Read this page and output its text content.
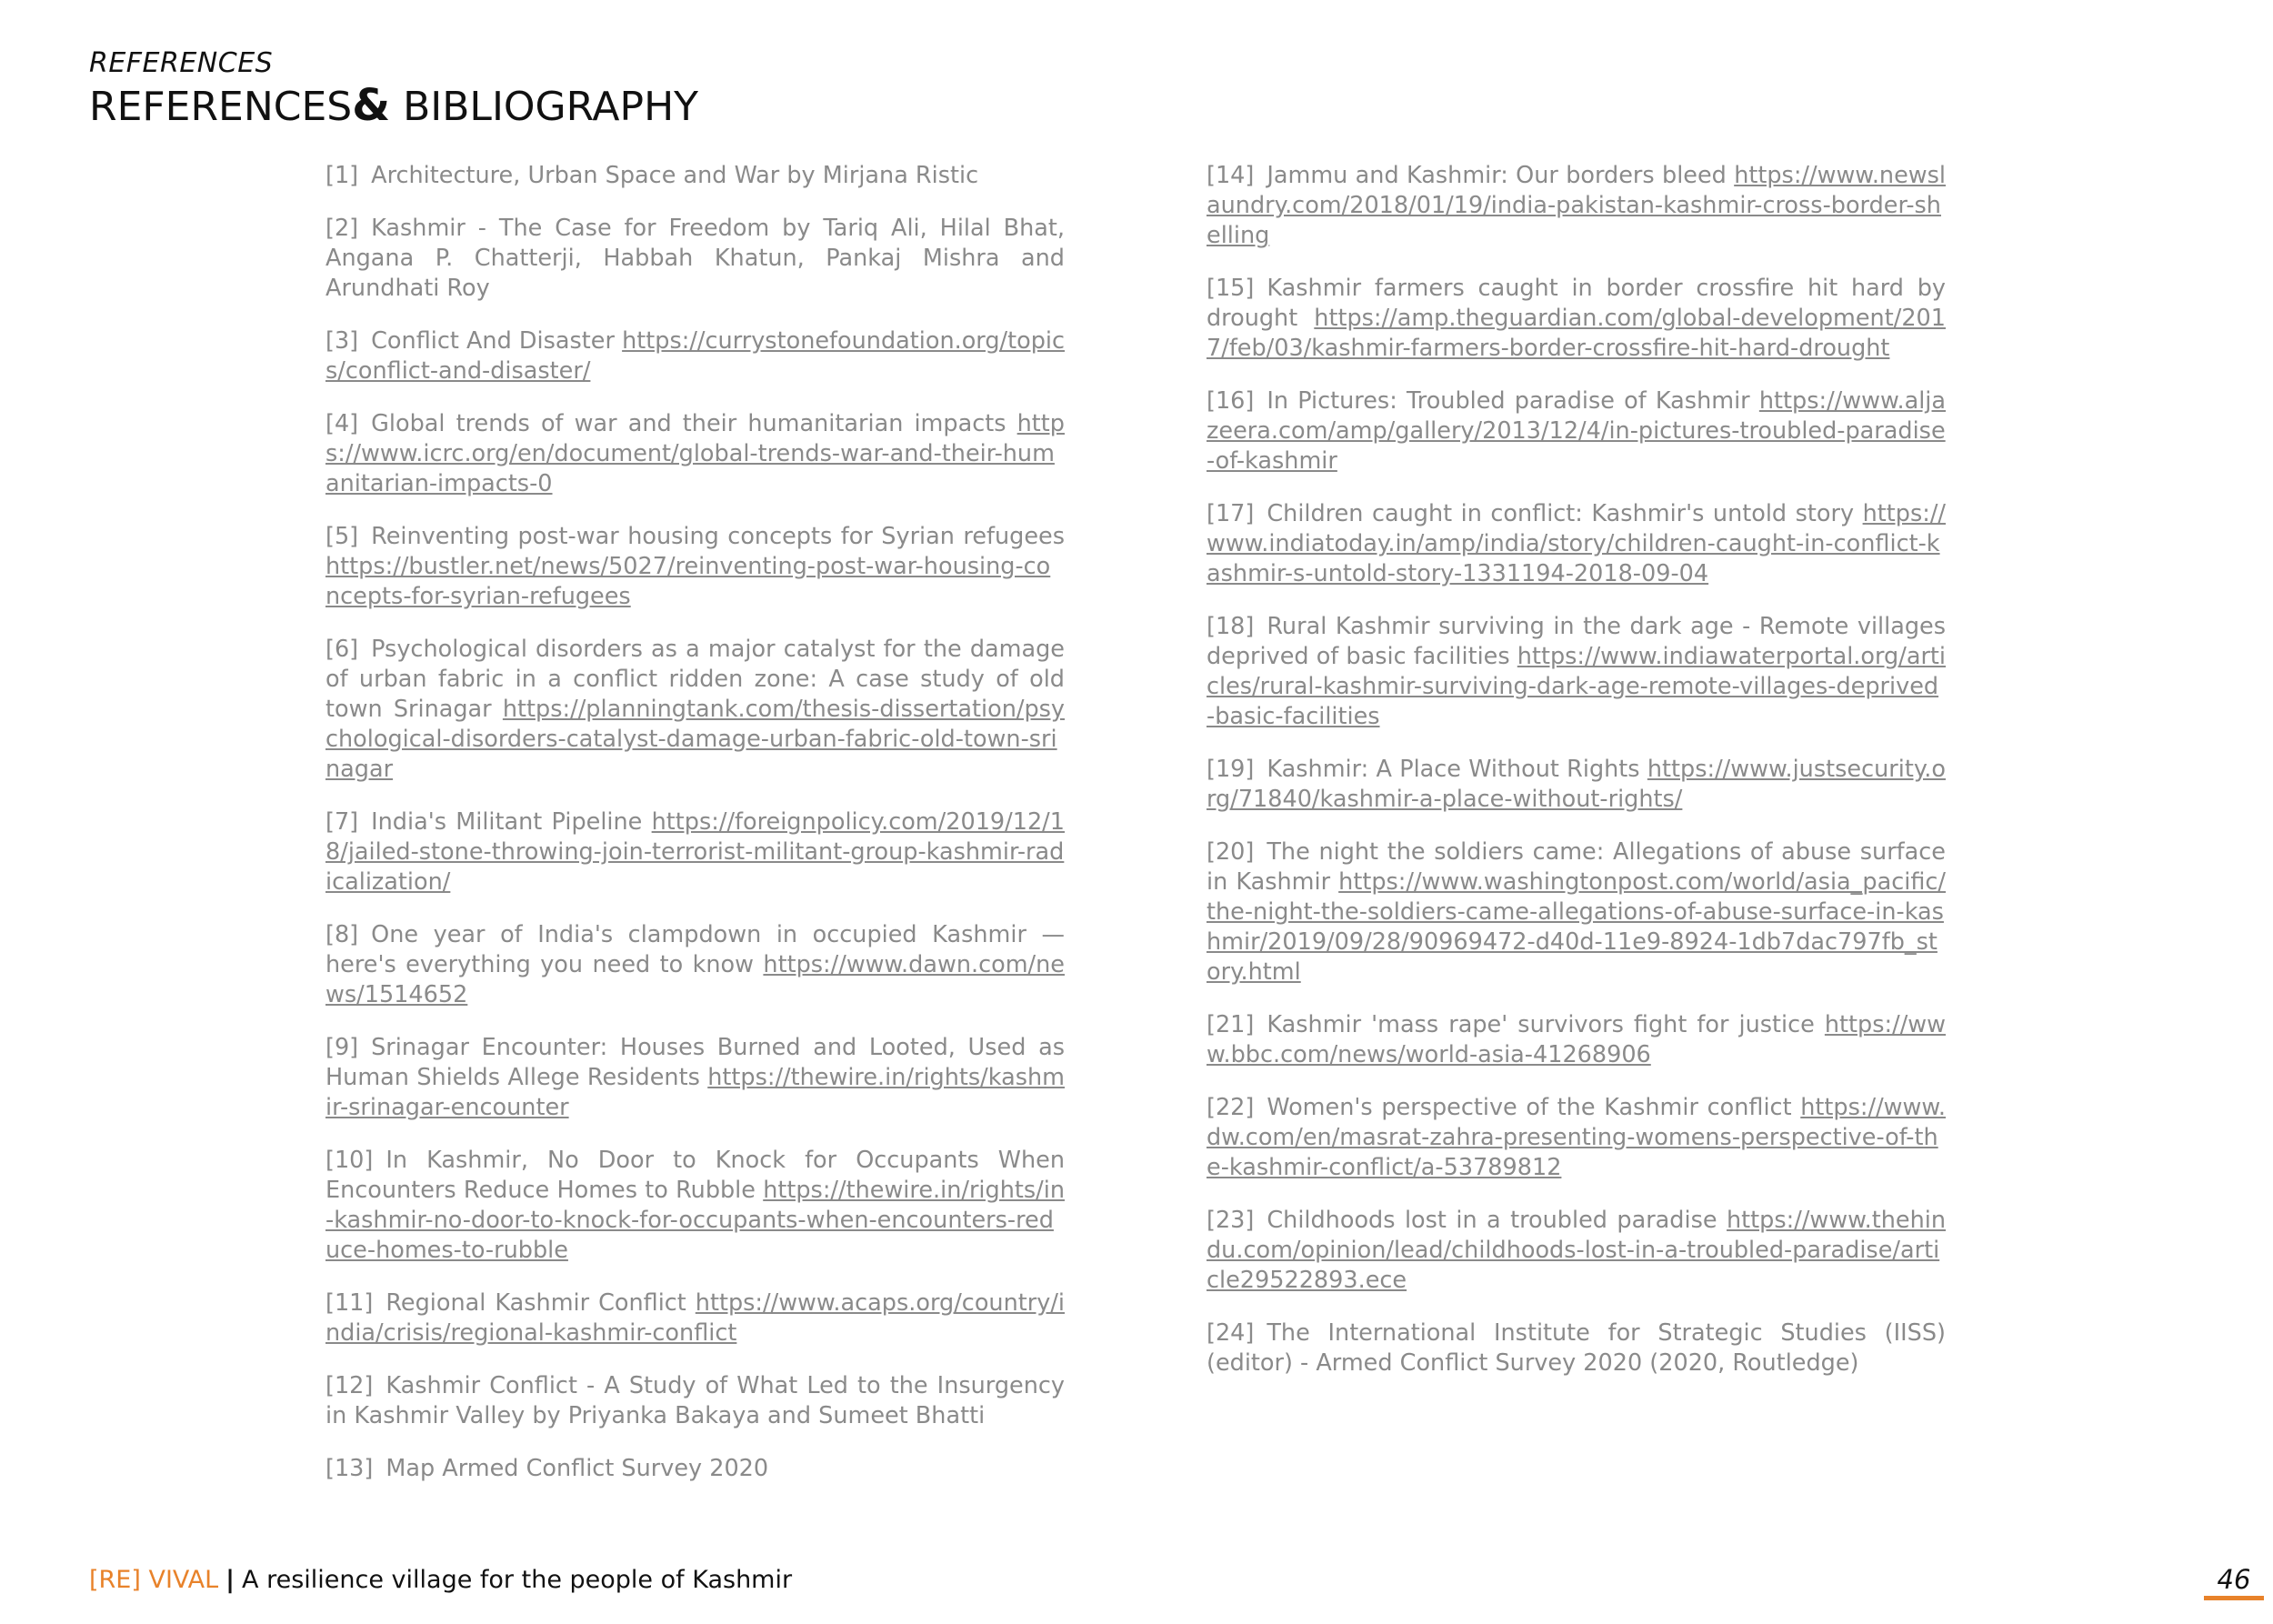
REFERENCES
REFERENCES& BIBLIOGRAPHY
[1] Architecture, Urban Space and War by Mirjana Ristic
[2] Kashmir - The Case for Freedom by Tariq Ali, Hilal Bhat, Angana P. Chatterji, Habbah Khatun, Pankaj Mishra and Arundhati Roy
[3] Conflict And Disaster https://currystonefoundation.org/topics/conflict-and-disaster/
[4] Global trends of war and their humanitarian impacts https://www.icrc.org/en/document/global-trends-war-and-their-humanitarian-impacts-0
[5] Reinventing post-war housing concepts for Syrian refugees https://bustler.net/news/5027/reinventing-post-war-housing-concepts-for-syrian-refugees
[6] Psychological disorders as a major catalyst for the damage of urban fabric in a conflict ridden zone: A case study of old town Srinagar https://planningtank.com/thesis-dissertation/psychological-disorders-catalyst-damage-urban-fabric-old-town-srinagar
[7] India's Militant Pipeline https://foreignpolicy.com/2019/12/18/jailed-stone-throwing-join-terrorist-militant-group-kashmir-radicalization/
[8] One year of India's clampdown in occupied Kashmir — here's everything you need to know https://www.dawn.com/news/1514652
[9] Srinagar Encounter: Houses Burned and Looted, Used as Human Shields Allege Residents https://thewire.in/rights/kashmir-srinagar-encounter
[10] In Kashmir, No Door to Knock for Occupants When Encounters Reduce Homes to Rubble https://thewire.in/rights/in-kashmir-no-door-to-knock-for-occupants-when-encounters-reduce-homes-to-rubble
[11] Regional Kashmir Conflict https://www.acaps.org/country/india/crisis/regional-kashmir-conflict
[12] Kashmir Conflict - A Study of What Led to the Insurgency in Kashmir Valley by Priyanka Bakaya and Sumeet Bhatti
[13] Map Armed Conflict Survey 2020
[14] Jammu and Kashmir: Our borders bleed https://www.newslaundry.com/2018/01/19/india-pakistan-kashmir-cross-border-shelling
[15] Kashmir farmers caught in border crossfire hit hard by drought https://amp.theguardian.com/global-development/2017/feb/03/kashmir-farmers-border-crossfire-hit-hard-drought
[16] In Pictures: Troubled paradise of Kashmir https://www.aljazeera.com/amp/gallery/2013/12/4/in-pictures-troubled-paradise-of-kashmir
[17] Children caught in conflict: Kashmir's untold story https://www.indiatoday.in/amp/india/story/children-caught-in-conflict-kashmir-s-untold-story-1331194-2018-09-04
[18] Rural Kashmir surviving in the dark age - Remote villages deprived of basic facilities https://www.indiawaterportal.org/articles/rural-kashmir-surviving-dark-age-remote-villages-deprived-basic-facilities
[19] Kashmir: A Place Without Rights https://www.justsecurity.org/71840/kashmir-a-place-without-rights/
[20] The night the soldiers came: Allegations of abuse surface in Kashmir https://www.washingtonpost.com/world/asia_pacific/the-night-the-soldiers-came-allegations-of-abuse-surface-in-kashmir/2019/09/28/90969472-d40d-11e9-8924-1db7dac797fb_story.html
[21] Kashmir 'mass rape' survivors fight for justice https://www.bbc.com/news/world-asia-41268906
[22] Women's perspective of the Kashmir conflict https://www.dw.com/en/masrat-zahra-presenting-womens-perspective-of-the-kashmir-conflict/a-53789812
[23] Childhoods lost in a troubled paradise https://www.thehindu.com/opinion/lead/childhoods-lost-in-a-troubled-paradise/article29522893.ece
[24] The International Institute for Strategic Studies (IISS) (editor) - Armed Conflict Survey 2020 (2020, Routledge)
[RE] VIVAL | A resilience village for the people of Kashmir	46
